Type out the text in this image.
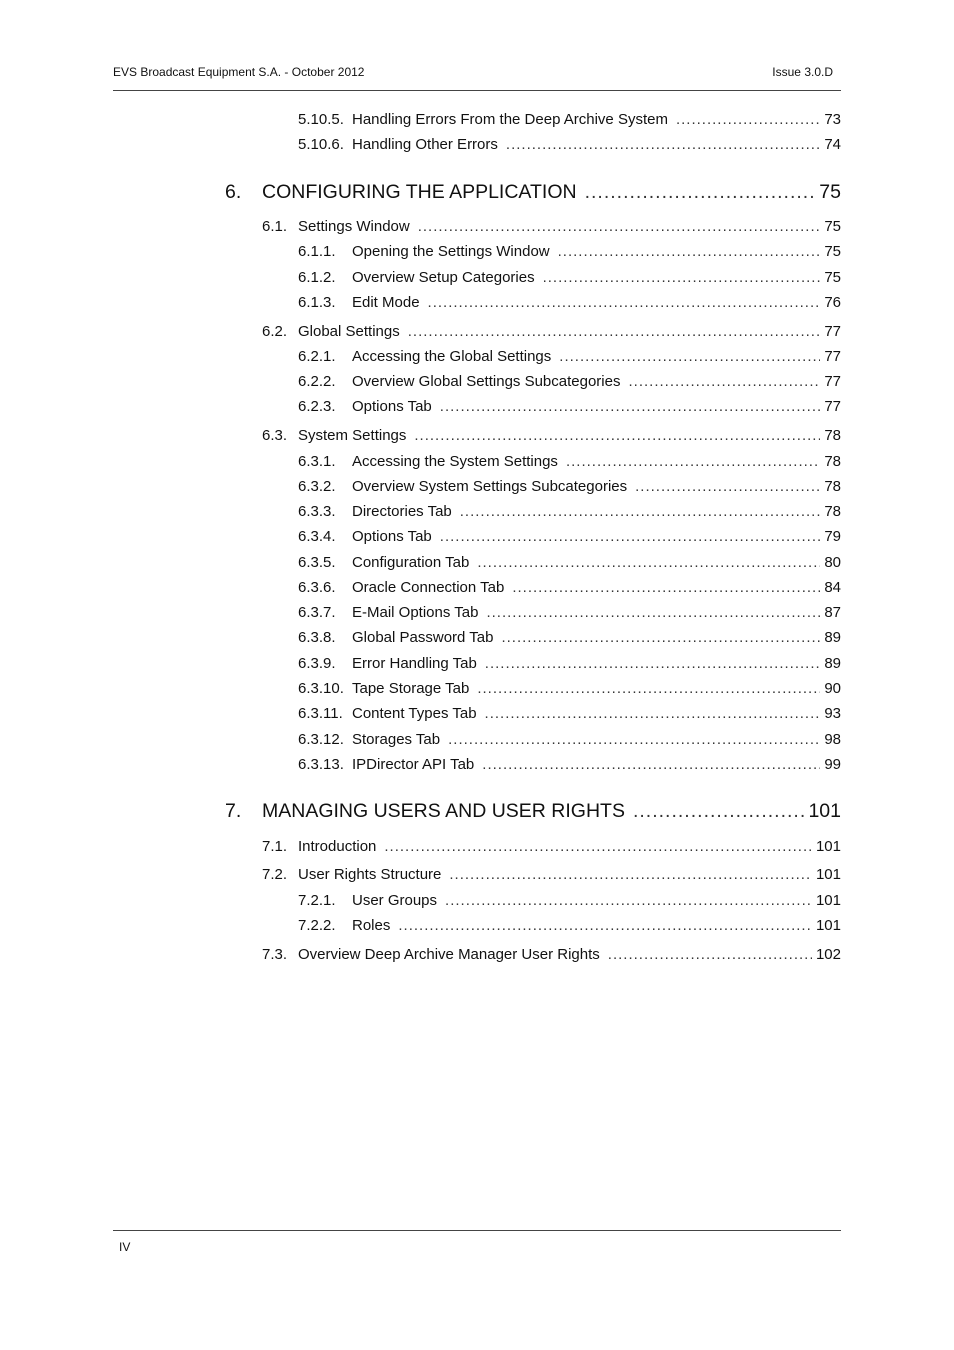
EVS Broadcast Equipment S.A. - October 2012	Issue 3.0.D
5.10.5. Handling Errors From the Deep Archive System .....	73
5.10.6. Handling Other Errors .....	74
6. CONFIGURING THE APPLICATION .....	75
6.1. Settings Window .....	75
6.1.1. Opening the Settings Window .....	75
6.1.2. Overview Setup Categories .....	75
6.1.3. Edit Mode .....	76
6.2. Global Settings .....	77
6.2.1. Accessing the Global Settings .....	77
6.2.2. Overview Global Settings Subcategories .....	77
6.2.3. Options Tab .....	77
6.3. System Settings .....	78
6.3.1. Accessing the System Settings .....	78
6.3.2. Overview System Settings Subcategories .....	78
6.3.3. Directories Tab .....	78
6.3.4. Options Tab .....	79
6.3.5. Configuration Tab .....	80
6.3.6. Oracle Connection Tab .....	84
6.3.7. E-Mail Options Tab .....	87
6.3.8. Global Password Tab .....	89
6.3.9. Error Handling Tab .....	89
6.3.10. Tape Storage Tab .....	90
6.3.11. Content Types Tab .....	93
6.3.12. Storages Tab .....	98
6.3.13. IPDirector API Tab .....	99
7. MANAGING USERS AND USER RIGHTS .....	101
7.1. Introduction .....	101
7.2. User Rights Structure .....	101
7.2.1. User Groups .....	101
7.2.2. Roles .....	101
7.3. Overview Deep Archive Manager User Rights .....	102
IV
